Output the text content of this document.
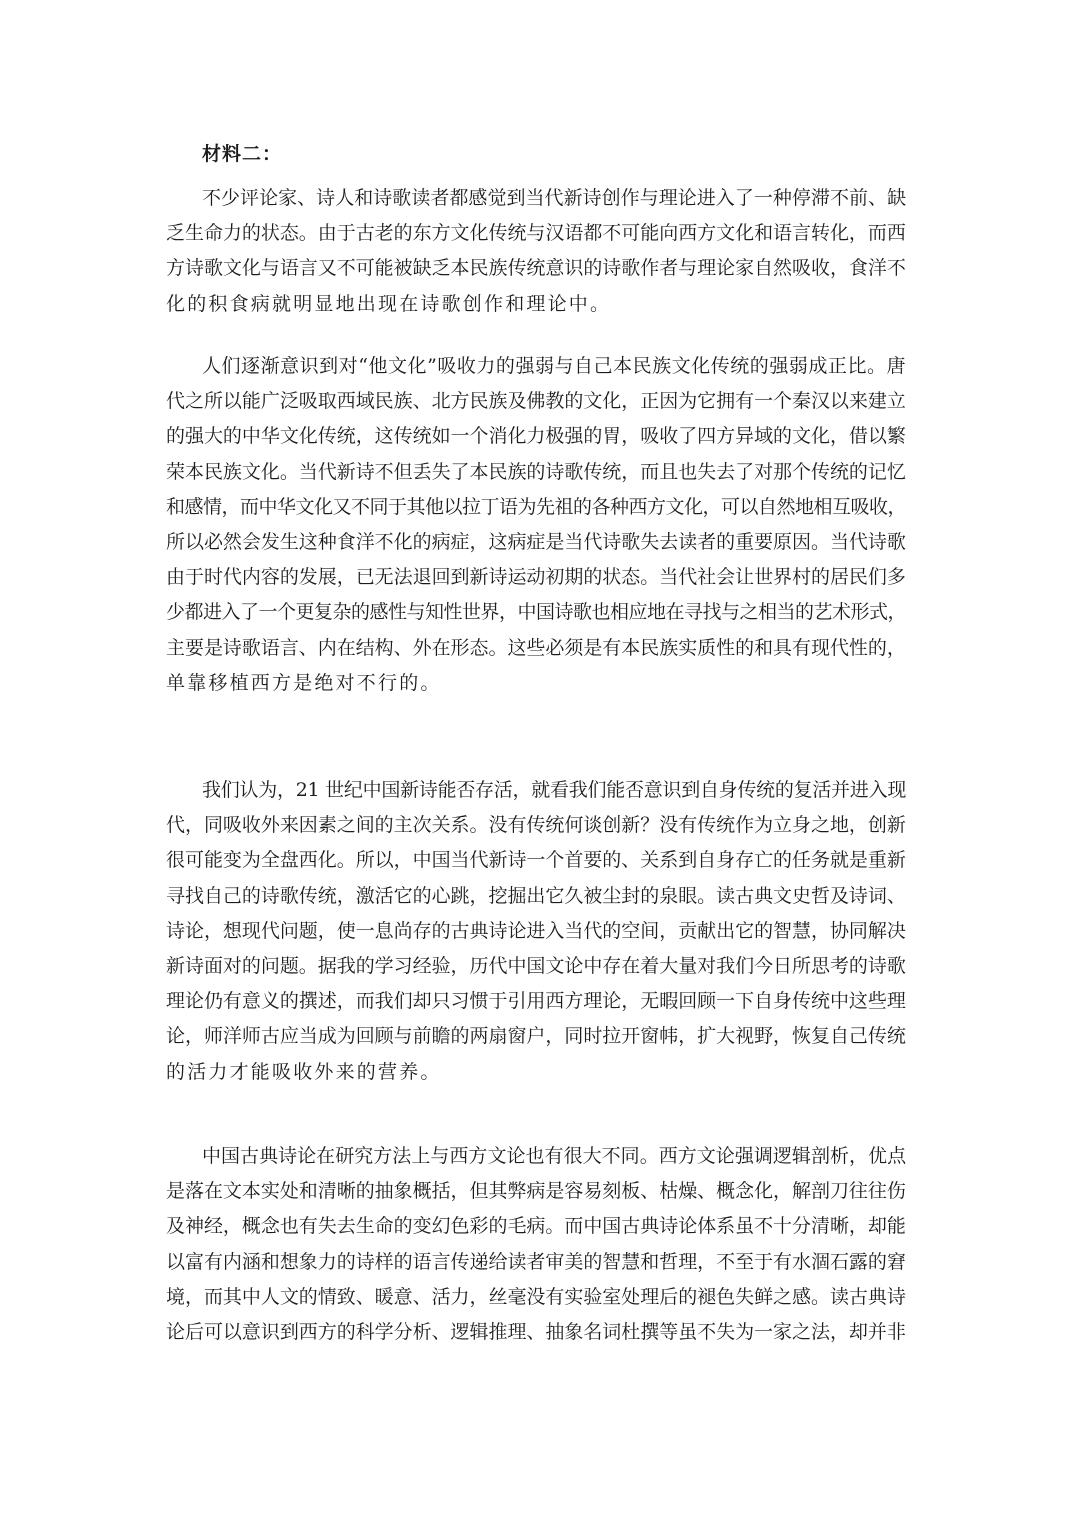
材料二：
不少评论家、诗人和诗歌读者都感觉到当代新诗创作与理论进入了一种停滞不前、缺
乏生命力的状态。由于古老的东方文化传统与汉语都不可能向西方文化和语言转化，而西
方诗歌文化与语言又不可能被缺乏本民族传统意识的诗歌作者与理论家自然吸收，食洋不
化的积食病就明显地出现在诗歌创作和理论中。
人们逐渐意识到对“他文化”吸收力的强弱与自己本民族文化传统的强弱成正比。唐
代之所以能广泛吸取西域民族、北方民族及佛教的文化，正因为它拥有一个秦汉以来建立
的强大的中华文化传统，这传统如一个消化力极强的胃，吸收了四方异域的文化，借以繁
荣本民族文化。当代新诗不但丢失了本民族的诗歌传统，而且也失去了对那个传统的记忆
和感情，而中华文化又不同于其他以拉丁语为先祖的各种西方文化，可以自然地相互吸收，
所以必然会发生这种食洋不化的病症，这病症是当代诗歌失去读者的重要原因。当代诗歌
由于时代内容的发展，已无法退回到新诗运动初期的状态。当代社会让世界村的居民们多
少都进入了一个更复杂的感性与知性世界，中国诗歌也相应地在寻找与之相当的艺术形式，
主要是诗歌语言、内在结构、外在形态。这些必须是有本民族实质性的和具有现代性的，
单靠移植西方是绝对不行的。
我们认为，21 世纪中国新诗能否存活，就看我们能否意识到自身传统的复活并进入现
代，同吸收外来因素之间的主次关系。没有传统何谈创新？没有传统作为立身之地，创新
很可能变为全盘西化。所以，中国当代新诗一个首要的、关系到自身存亡的任务就是重新
寻找自己的诗歌传统，激活它的心跳，挖掘出它久被尘封的泉眼。读古典文史哲及诗词、
诗论，想现代问题，使一息尚存的古典诗论进入当代的空间，贡献出它的智慧，协同解决
新诗面对的问题。据我的学习经验，历代中国文论中存在着大量对我们今日所思考的诗歌
理论仍有意义的撰述，而我们却只习惯于引用西方理论，无暇回顾一下自身传统中这些理
论，师洋师古应当成为回顾与前瞻的两扇窗户，同时拉开窗帏，扩大视野，恢复自己传统
的活力才能吸收外来的营养。
中国古典诗论在研究方法上与西方文论也有很大不同。西方文论强调逻辑剖析，优点
是落在文本实处和清晰的抽象概括，但其弊病是容易刻板、枯燥、概念化，解剖刀往往伤
及神经，概念也有失去生命的变幻色彩的毛病。而中国古典诗论体系虽不十分清晰，却能
以富有内涵和想象力的诗样的语言传递给读者审美的智慧和哲理，不至于有水涸石露的窘
境，而其中人文的情致、暖意、活力，丝毫没有实验室处理后的褪色失鲜之感。读古典诗
论后可以意识到西方的科学分析、逻辑推理、抽象名词杜撰等虽不失为一家之法，却并非
